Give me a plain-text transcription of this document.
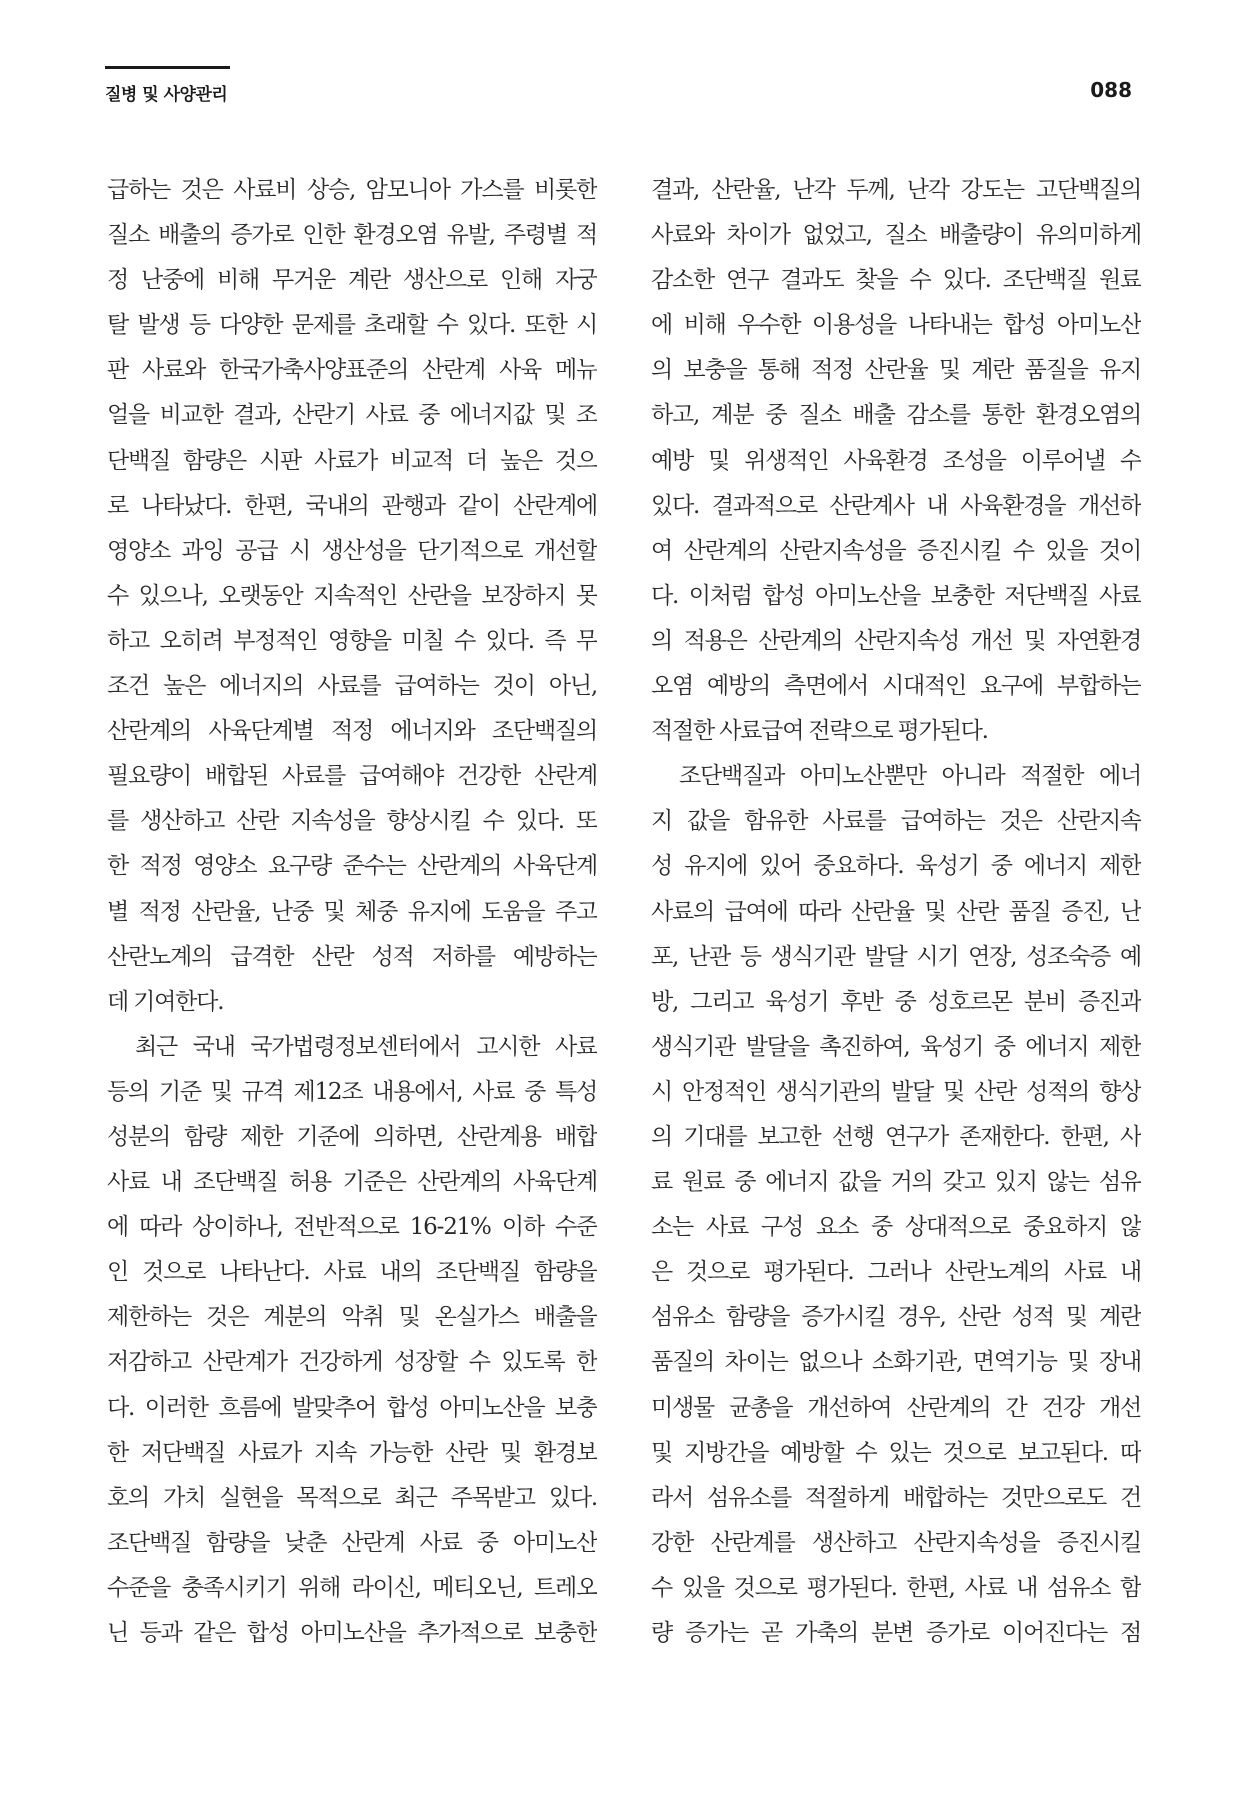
질병 및 사양관리	088
급하는 것은 사료비 상승, 암모니아 가스를 비롯한
질소 배출의 증가로 인한 환경오염 유발, 주령별 적
정 난중에 비해 무거운 계란 생산으로 인해 자궁
탈 발생 등 다양한 문제를 초래할 수 있다. 또한 시
판 사료와 한국가축사양표준의 산란계 사육 메뉴
얼을 비교한 결과, 산란기 사료 중 에너지값 및 조
단백질 함량은 시판 사료가 비교적 더 높은 것으
로 나타났다. 한편, 국내의 관행과 같이 산란계에
영양소 과잉 공급 시 생산성을 단기적으로 개선할
수 있으나, 오랫동안 지속적인 산란을 보장하지 못
하고 오히려 부정적인 영향을 미칠 수 있다. 즉 무
조건 높은 에너지의 사료를 급여하는 것이 아닌,
산란계의 사육단계별 적정 에너지와 조단백질의
필요량이 배합된 사료를 급여해야 건강한 산란계
를 생산하고 산란 지속성을 향상시킬 수 있다. 또
한 적정 영양소 요구량 준수는 산란계의 사육단계
별 적정 산란율, 난중 및 체중 유지에 도움을 주고
산란노계의 급격한 산란 성적 저하를 예방하는
데 기여한다.
최근 국내 국가법령정보센터에서 고시한 사료
등의 기준 및 규격 제12조 내용에서, 사료 중 특성
성분의 함량 제한 기준에 의하면, 산란계용 배합
사료 내 조단백질 허용 기준은 산란계의 사육단계
에 따라 상이하나, 전반적으로 16-21% 이하 수준
인 것으로 나타난다. 사료 내의 조단백질 함량을
제한하는 것은 계분의 악취 및 온실가스 배출을
저감하고 산란계가 건강하게 성장할 수 있도록 한
다. 이러한 흐름에 발맞추어 합성 아미노산을 보충
한 저단백질 사료가 지속 가능한 산란 및 환경보
호의 가치 실현을 목적으로 최근 주목받고 있다.
조단백질 함량을 낮춘 산란계 사료 중 아미노산
수준을 충족시키기 위해 라이신, 메티오닌, 트레오
닌 등과 같은 합성 아미노산을 추가적으로 보충한
결과, 산란율, 난각 두께, 난각 강도는 고단백질의
사료와 차이가 없었고, 질소 배출량이 유의미하게
감소한 연구 결과도 찾을 수 있다. 조단백질 원료
에 비해 우수한 이용성을 나타내는 합성 아미노산
의 보충을 통해 적정 산란율 및 계란 품질을 유지
하고, 계분 중 질소 배출 감소를 통한 환경오염의
예방 및 위생적인 사육환경 조성을 이루어낼 수
있다. 결과적으로 산란계사 내 사육환경을 개선하
여 산란계의 산란지속성을 증진시킬 수 있을 것이
다. 이처럼 합성 아미노산을 보충한 저단백질 사료
의 적용은 산란계의 산란지속성 개선 및 자연환경
오염 예방의 측면에서 시대적인 요구에 부합하는
적절한 사료급여 전략으로 평가된다.
조단백질과 아미노산뿐만 아니라 적절한 에너
지 값을 함유한 사료를 급여하는 것은 산란지속
성 유지에 있어 중요하다. 육성기 중 에너지 제한
사료의 급여에 따라 산란율 및 산란 품질 증진, 난
포, 난관 등 생식기관 발달 시기 연장, 성조숙증 예
방, 그리고 육성기 후반 중 성호르몬 분비 증진과
생식기관 발달을 촉진하여, 육성기 중 에너지 제한
시 안정적인 생식기관의 발달 및 산란 성적의 향상
의 기대를 보고한 선행 연구가 존재한다. 한편, 사
료 원료 중 에너지 값을 거의 갖고 있지 않는 섬유
소는 사료 구성 요소 중 상대적으로 중요하지 않
은 것으로 평가된다. 그러나 산란노계의 사료 내
섬유소 함량을 증가시킬 경우, 산란 성적 및 계란
품질의 차이는 없으나 소화기관, 면역기능 및 장내
미생물 균총을 개선하여 산란계의 간 건강 개선
및 지방간을 예방할 수 있는 것으로 보고된다. 따
라서 섬유소를 적절하게 배합하는 것만으로도 건
강한 산란계를 생산하고 산란지속성을 증진시킬
수 있을 것으로 평가된다. 한편, 사료 내 섬유소 함
량 증가는 곧 가축의 분변 증가로 이어진다는 점
